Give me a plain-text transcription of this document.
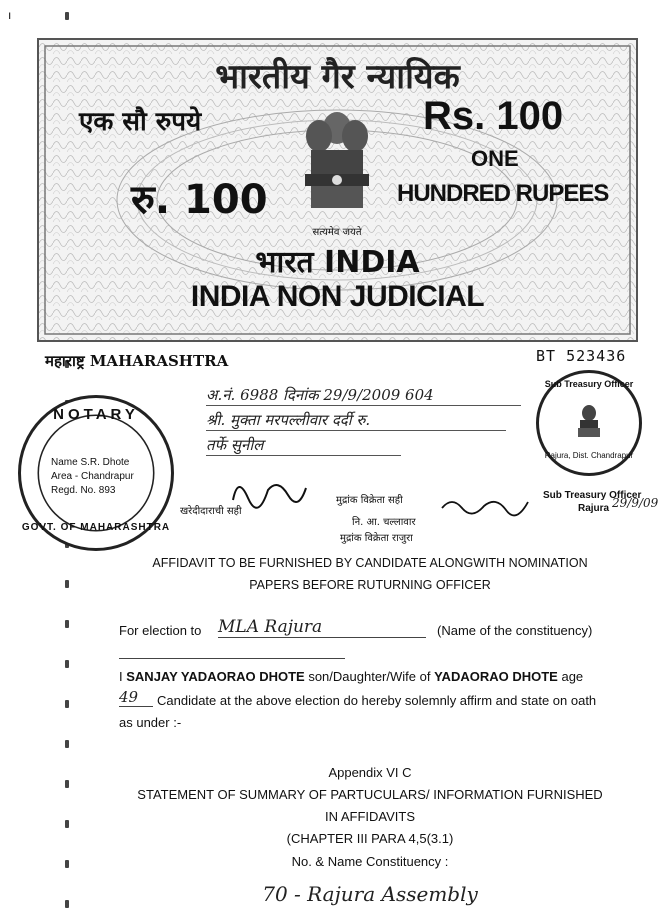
ı
भारतीय गैर न्यायिक
एक सौ रुपये	Rs. 100
रु. 100
ONE
HUNDRED RUPEES
सत्यमेव जयते
भारत INDIA
INDIA NON JUDICIAL
महाराष्ट्र MAHARASHTRA	BT 523436
अ.नं. 6988 दिनांक 29/9/2009 604
श्री. मुक्ता मरपल्लीवार दर्दी रु.
तर्फे सुनील
NOTARY
Name S.R. Dhote
Area - Chandrapur
Regd. No. 893
GOVT. OF MAHARASHTRA
Sub Treasury Officer
Rajura, Dist. Chandrapur
Sub Treasury Officer
Rajura 29/9/09
खरेदीदाराची सही
मुद्रांक विक्रेता सही
नि. आ. चल्लावार
मुद्रांक विक्रेता राजुरा
AFFIDAVIT TO BE FURNISHED BY CANDIDATE ALONGWITH NOMINATION
PAPERS BEFORE RUTURNING OFFICER
For election to MLA Rajura	(Name of the constituency)
I SANJAY YADAORAO DHOTE son/Daughter/Wife of YADAORAO DHOTE age
49	Candidate at the above election do hereby solemnly affirm and state on oath
as under :-
Appendix VI C
STATEMENT OF SUMMARY OF PARTUCULARS/ INFORMATION FURNISHED
IN AFFIDAVITS
(CHAPTER III PARA 4,5(3.1)
No. & Name Constituency :
70 - Rajura Assembly
